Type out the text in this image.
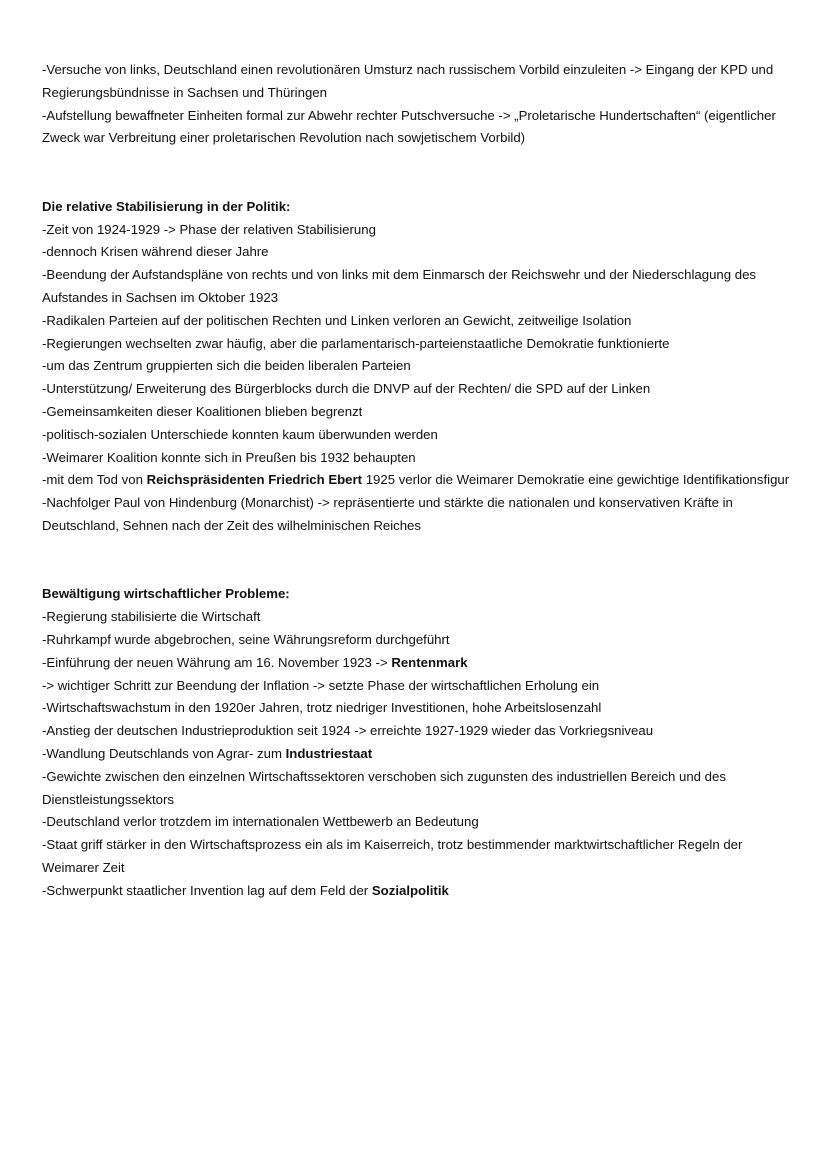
-Versuche von links, Deutschland einen revolutionären Umsturz nach russischem Vorbild einzuleiten -> Eingang der KPD und Regierungsbündnisse in Sachsen und Thüringen
-Aufstellung bewaffneter Einheiten formal zur Abwehr rechter Putschversuche -> „Proletarische Hundertschaften“ (eigentlicher Zweck war Verbreitung einer proletarischen Revolution nach sowjetischem Vorbild)
Die relative Stabilisierung in der Politik:
-Zeit von 1924-1929 -> Phase der relativen Stabilisierung
-dennoch Krisen während dieser Jahre
-Beendung der Aufstandspläne von rechts und von links mit dem Einmarsch der Reichswehr und der Niederschlagung des Aufstandes in Sachsen im Oktober 1923
-Radikalen Parteien auf der politischen Rechten und Linken verloren an Gewicht, zeitweilige Isolation
-Regierungen wechselten zwar häufig, aber die parlamentarisch-parteienstaatliche Demokratie funktionierte
-um das Zentrum gruppierten sich die beiden liberalen Parteien
-Unterstützung/ Erweiterung des Bürgerblocks durch die DNVP auf der Rechten/ die SPD auf der Linken
-Gemeinsamkeiten dieser Koalitionen blieben begrenzt
-politisch-sozialen Unterschiede konnten kaum überwunden werden
-Weimarer Koalition konnte sich in Preußen bis 1932 behaupten
-mit dem Tod von Reichspräsidenten Friedrich Ebert 1925 verlor die Weimarer Demokratie eine gewichtige Identifikationsfigur
-Nachfolger Paul von Hindenburg (Monarchist) -> repräsentierte und stärkte die nationalen und konservativen Kräfte in Deutschland, Sehnen nach der Zeit des wilhelminischen Reiches
Bewältigung wirtschaftlicher Probleme:
-Regierung stabilisierte die Wirtschaft
-Ruhrkampf wurde abgebrochen, seine Währungsreform durchgeführt
-Einführung der neuen Währung am 16. November 1923 -> Rentenmark
-> wichtiger Schritt zur Beendung der Inflation -> setzte Phase der wirtschaftlichen Erholung ein
-Wirtschaftswachstum in den 1920er Jahren, trotz niedriger Investitionen, hohe Arbeitslosenzahl
-Anstieg der deutschen Industrieproduktion seit 1924 -> erreichte 1927-1929 wieder das Vorkriegsniveau
-Wandlung Deutschlands von Agrar- zum Industriestaat
-Gewichte zwischen den einzelnen Wirtschaftssektoren verschoben sich zugunsten des industriellen Bereich und des Dienstleistungssektors
-Deutschland verlor trotzdem im internationalen Wettbewerb an Bedeutung
-Staat griff stärker in den Wirtschaftsprozess ein als im Kaiserreich, trotz bestimmender marktwirtschaftlicher Regeln der Weimarer Zeit
-Schwerpunkt staatlicher Invention lag auf dem Feld der Sozialpolitik
